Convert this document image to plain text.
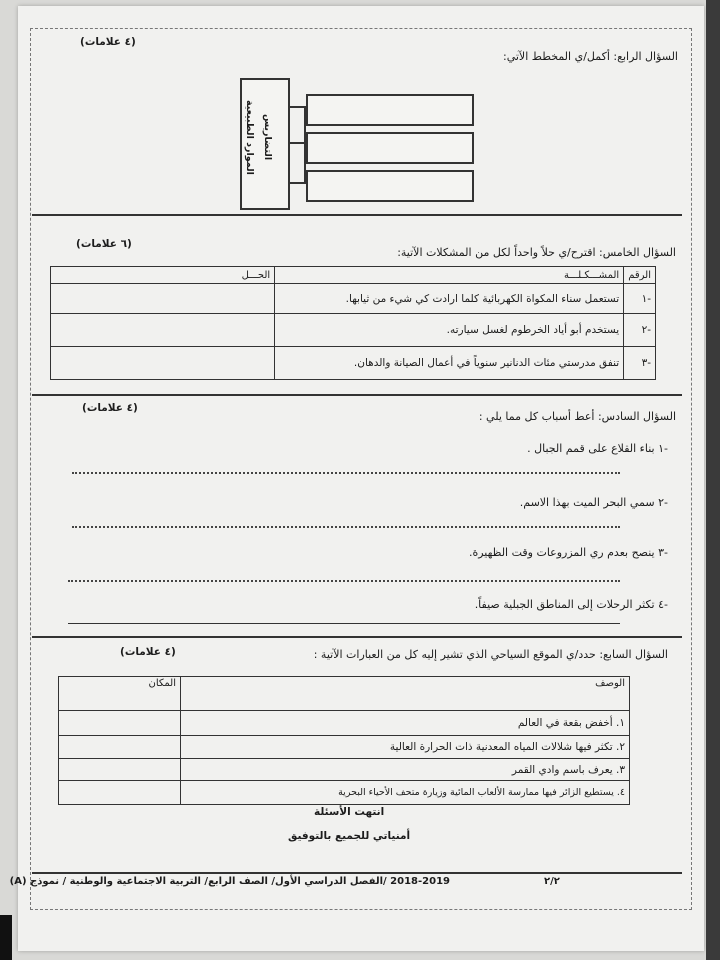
(٤ علامات)
السؤال الرابع: أكمل/ي المخطط الآتي:
الموارد الطبيعية التضاريس
(٦ علامات)
السؤال الخامس: اقترح/ي حلاً واحداً لكل من المشكلات الآتية:
الرقم	المشـــكـلـــة	الحـــل
-١	تستعمل سناء المكواة الكهربائية كلما ارادت كي شيء من ثيابها.	
-٢	يستخدم أبو أياد الخرطوم لغسل سيارته.	
-٣	تنفق مدرستي مئات الدنانير سنوياً في أعمال الصيانة والدهان.	
(٤ علامات)
السؤال السادس: أعط أسباب كل مما يلي :
-١ بناء القلاع على قمم الجبال .
-٢ سمي البحر الميت بهذا الاسم.
-٣ ينصح بعدم ري المزروعات وقت الظهيرة.
-٤ تكثر الرحلات إلى المناطق الجبلية صيفاً.
(٤ علامات)	السؤال السابع: حدد/ي الموقع السياحي الذي تشير إليه كل من العبارات الآتية :
الوصف	المكان
١. أخفض بقعة في العالم	
٢. تكثر فيها شلالات المياه المعدنية ذات الحرارة العالية	
٣. يعرف باسم وادي القمر	
٤. يستطيع الزائر فيها ممارسة الألعاب المائية وزيارة متحف الأحياء البحرية	
انتهت الأسئلة
أمنياتي للجميع بالتوفيق
٢/٢
2018-2019 /الفصل الدراسي الأول/ الصف الرابع/ التربية الاجتماعية والوطنية / نموذج (A)
